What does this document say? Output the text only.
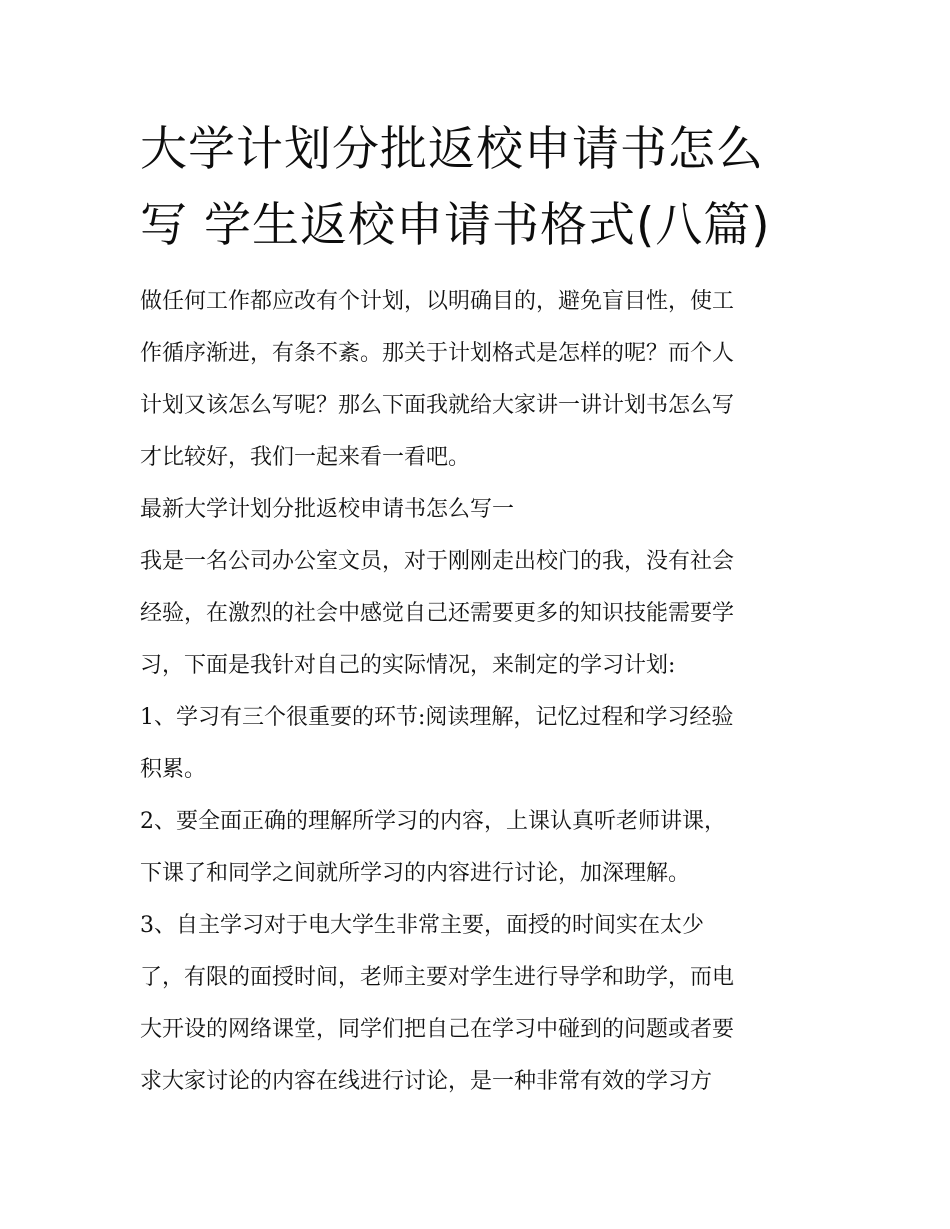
大学计划分批返校申请书怎么
写 学生返校申请书格式(八篇)
做任何工作都应改有个计划，以明确目的，避免盲目性，使工
作循序渐进，有条不紊。那关于计划格式是怎样的呢？而个人
计划又该怎么写呢？那么下面我就给大家讲一讲计划书怎么写
才比较好，我们一起来看一看吧。
最新大学计划分批返校申请书怎么写一
我是一名公司办公室文员，对于刚刚走出校门的我，没有社会
经验，在激烈的社会中感觉自己还需要更多的知识技能需要学
习，下面是我针对自己的实际情况，来制定的学习计划:
1、学习有三个很重要的环节:阅读理解，记忆过程和学习经验
积累。
2、要全面正确的理解所学习的内容，上课认真听老师讲课，
下课了和同学之间就所学习的内容进行讨论，加深理解。
3、自主学习对于电大学生非常主要，面授的时间实在太少
了，有限的面授时间，老师主要对学生进行导学和助学，而电
大开设的网络课堂，同学们把自己在学习中碰到的问题或者要
求大家讨论的内容在线进行讨论，是一种非常有效的学习方
